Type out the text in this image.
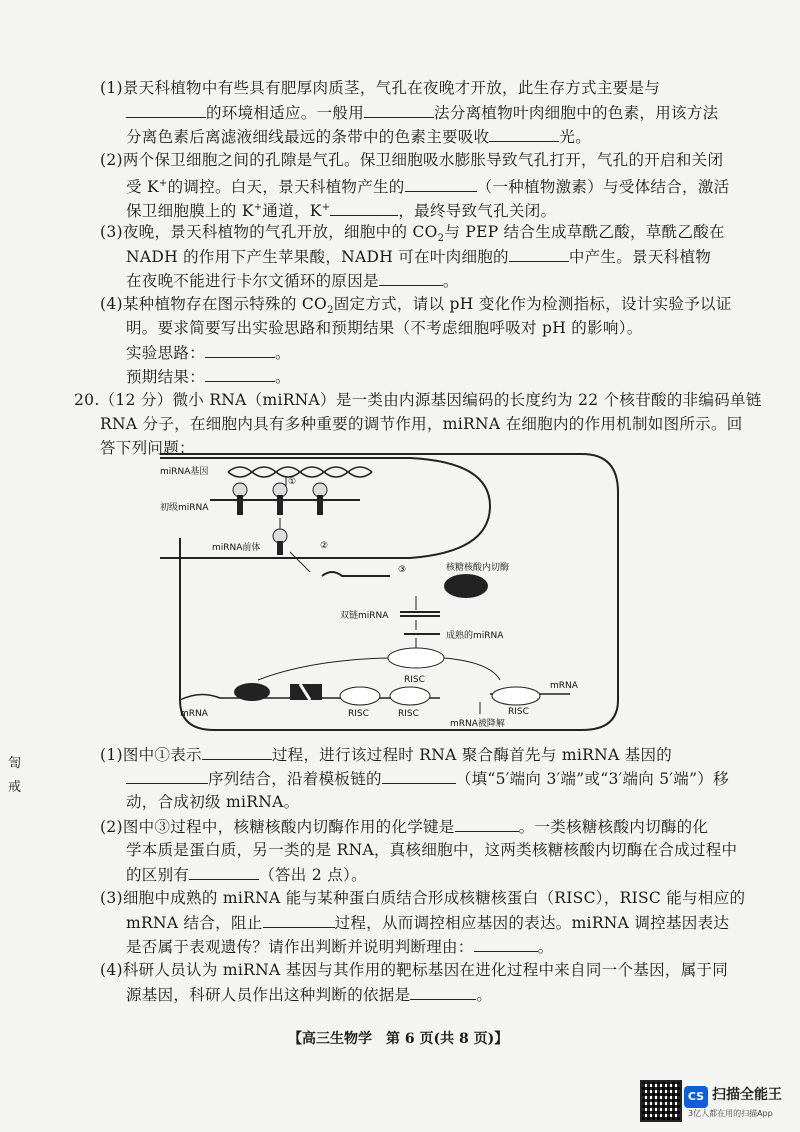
(1)景天科植物中有些具有肥厚肉质茎，气孔在夜晚才开放，此生存方式主要是与
的环境相适应。一般用	法分离植物叶肉细胞中的色素，用该方法
分离色素后离滤液细线最远的条带中的色素主要吸收	光。
(2)两个保卫细胞之间的孔隙是气孔。保卫细胞吸水膨胀导致气孔打开，气孔的开启和关闭
受 K+的调控。白天，景天科植物产生的	（一种植物激素）与受体结合，激活
保卫细胞膜上的 K+通道，K+	，最终导致气孔关闭。
(3)夜晚，景天科植物的气孔开放，细胞中的 $CO_2$与 PEP 结合生成草酰乙酸，草酰乙酸在
NADH 的作用下产生苹果酸，NADH 可在叶肉细胞的	中产生。景天科植物
在夜晚不能进行卡尔文循环的原因是	。
(4)某种植物存在图示特殊的 $CO_2$固定方式，请以 pH 变化作为检测指标，设计实验予以证
明。要求简要写出实验思路和预期结果（不考虑细胞呼吸对 pH 的影响）。
实验思路：	。
预期结果：	。
20.（12 分）微小 RNA（miRNA）是一类由内源基因编码的长度约为 22 个核苷酸的非编码单链
RNA 分子，在细胞内具有多种重要的调节作用，miRNA 在细胞内的作用机制如图所示。回
答下列问题：
miRNA基因
①
初级miRNA
miRNA前体	②
③	核糖核酸内切酶
双链miRNA
成熟的miRNA
RISC
mRNA	RISC	RISC
mRNA
RISC
mRNA被降解
(1)图中①表示	过程，进行该过程时 RNA 聚合酶首先与 miRNA 基因的
序列结合，沿着模板链的	（填“5′端向 3′端”或“3′端向 5′端”）移
动，合成初级 miRNA。
(2)图中③过程中，核糖核酸内切酶作用的化学键是	。一类核糖核酸内切酶的化
学本质是蛋白质，另一类的是 RNA，真核细胞中，这两类核糖核酸内切酶在合成过程中
的区别有	（答出 2 点）。
(3)细胞中成熟的 miRNA 能与某种蛋白质结合形成核糖核蛋白（RISC），RISC 能与相应的
mRNA 结合，阻止	过程，从而调控相应基因的表达。miRNA 调控基因表达
是否属于表观遗传？请作出判断并说明判断理由：	。
(4)科研人员认为 miRNA 基因与其作用的靶标基因在进化过程中来自同一个基因，属于同
源基因，科研人员作出这种判断的依据是	。
【高三生物学　第 6 页(共 8 页)】
訇
戒
CS 扫描全能王
3亿人都在用的扫描App
